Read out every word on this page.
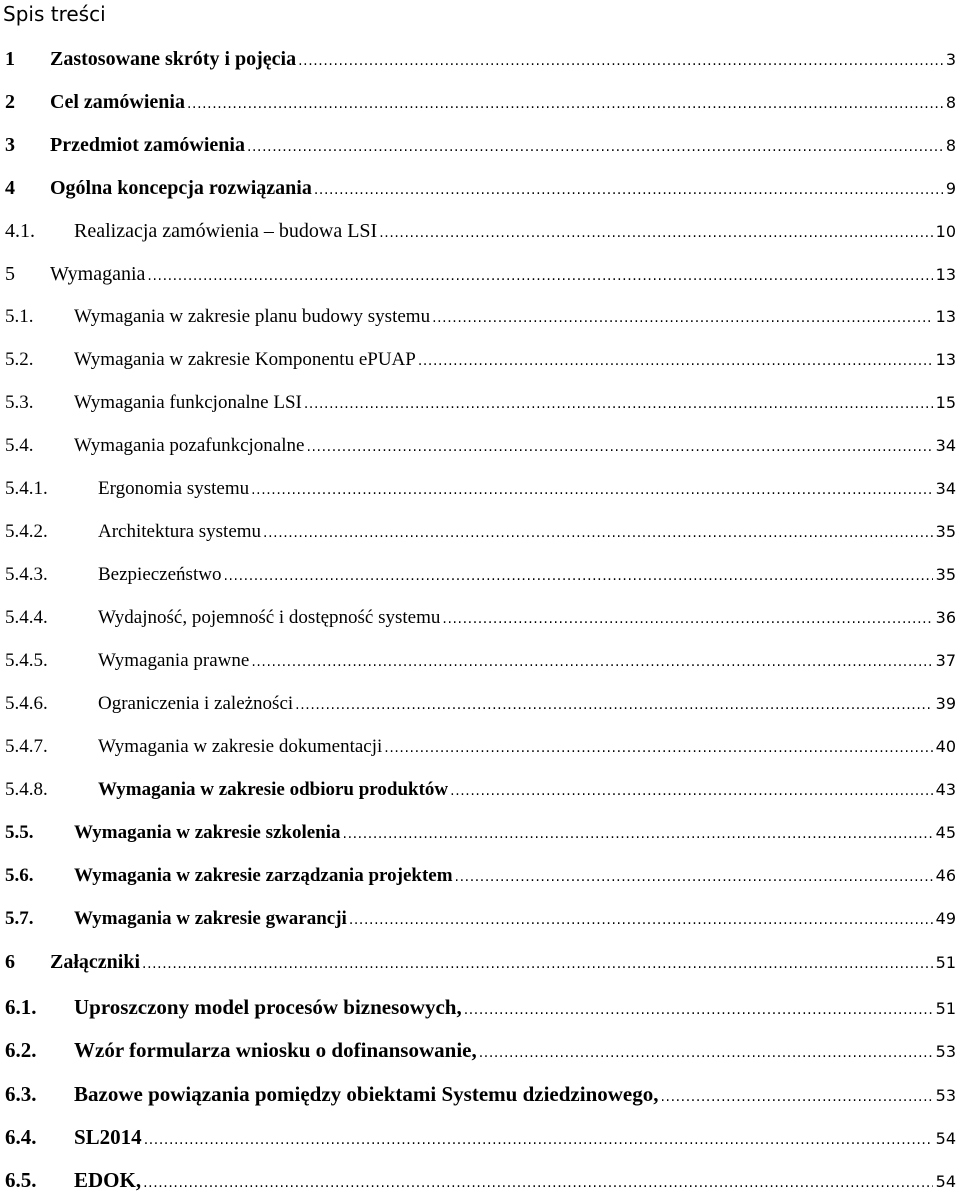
Spis treści
1 Zastosowane skróty i pojęcia .....	3
2 Cel zamówienia .....	8
3 Przedmiot zamówienia .....	8
4 Ogólna koncepcja rozwiązania .....	9
4.1. Realizacja zamówienia – budowa LSI .....	10
5 Wymagania .....	13
5.1. Wymagania w zakresie planu budowy systemu .....	13
5.2. Wymagania w zakresie Komponentu ePUAP .....	13
5.3. Wymagania funkcjonalne LSI .....	15
5.4. Wymagania pozafunkcjonalne .....	34
5.4.1.	Ergonomia systemu .....	34
5.4.2.	Architektura systemu .....	35
5.4.3.	Bezpieczeństwo .....	35
5.4.4.	Wydajność, pojemność i dostępność systemu .....	36
5.4.5.	Wymagania prawne .....	37
5.4.6.	Ograniczenia i zależności .....	39
5.4.7.	Wymagania w zakresie dokumentacji .....	40
5.4.8.	Wymagania w zakresie odbioru produktów .....	43
5.5. Wymagania w zakresie szkolenia .....	45
5.6. Wymagania w zakresie zarządzania projektem .....	46
5.7. Wymagania w zakresie gwarancji .....	49
6 Załączniki .....	51
6.1. Uproszczony model procesów biznesowych, .....	51
6.2. Wzór formularza wniosku o dofinansowanie, .....	53
6.3. Bazowe powiązania pomiędzy obiektami Systemu dziedzinowego, .....	53
6.4. SL2014 .....	54
6.5. EDOK, .....	54
